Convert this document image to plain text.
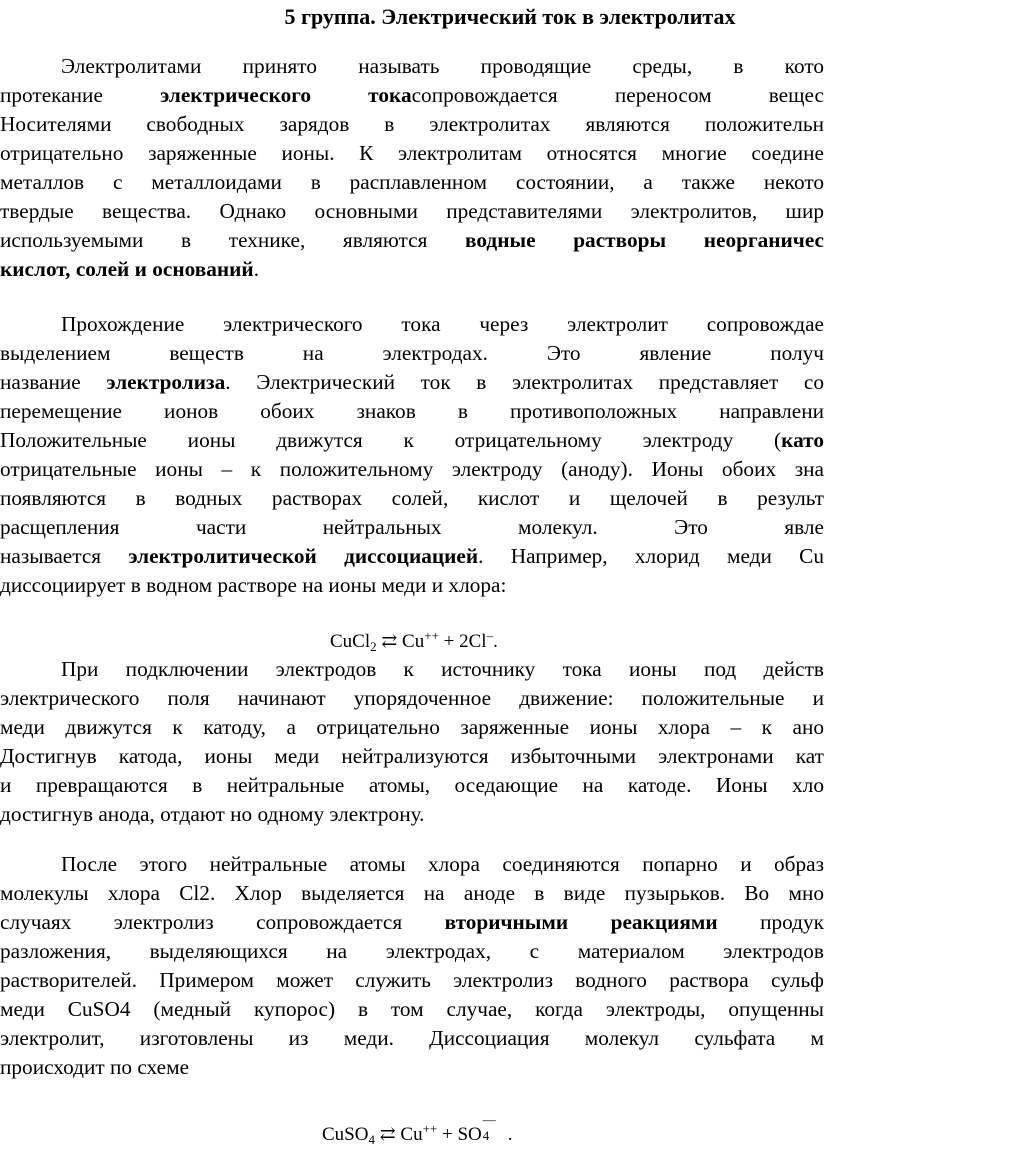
5 группа. Электрический ток в электролитах
Электролитами принято называть проводящие среды, в кото
протекание электрического токасопровождается переносом вещес
Носителями свободных зарядов в электролитах являются положительн
отрицательно заряженные ионы. К электролитам относятся многие соедине
металлов с металлоидами в расплавленном состоянии, а также некото
твердые вещества. Однако основными представителями электролитов, шир
используемыми в технике, являются водные растворы неорганичес
кислот, солей и оснований.
Прохождение электрического тока через электролит сопровождае
выделением веществ на электродах. Это явление получ
название электролиза. Электрический ток в электролитах представляет со
перемещение ионов обоих знаков в противоположных направлени
Положительные ионы движутся к отрицательному электроду (като
отрицательные ионы – к положительному электроду (аноду). Ионы обоих зна
появляются в водных растворах солей, кислот и щелочей в результ
расщепления части нейтральных молекул. Это явле
называется электролитической диссоциацией. Например, хлорид меди Cu
диссоциирует в водном растворе на ионы меди и хлора:
CuCl$_2$ ⇄ Cu++ + 2Cl–.
При подключении электродов к источнику тока ионы под действ
электрического поля начинают упорядоченное движение: положительные и
меди движутся к катоду, а отрицательно заряженные ионы хлора – к ано
Достигнув катода, ионы меди нейтрализуются избыточными электронами кат
и превращаются в нейтральные атомы, оседающие на катоде. Ионы хло
достигнув анода, отдают но одному электрону.
После этого нейтральные атомы хлора соединяются попарно и образ
молекулы хлора Cl2. Хлор выделяется на аноде в виде пузырьков. Во мно
случаях электролиз сопровождается вторичными реакциями продук
разложения, выделяющихся на электродах, с материалом электродов
растворителей. Примером может служить электролиз водного раствора сульф
меди CuSO4 (медный купорос) в том случае, когда электроды, опущенны
электролит, изготовлены из меди. Диссоциация молекул сульфата м
происходит по схеме
CuSO$_4$ ⇄ Cu++ + SO
––
4 .
